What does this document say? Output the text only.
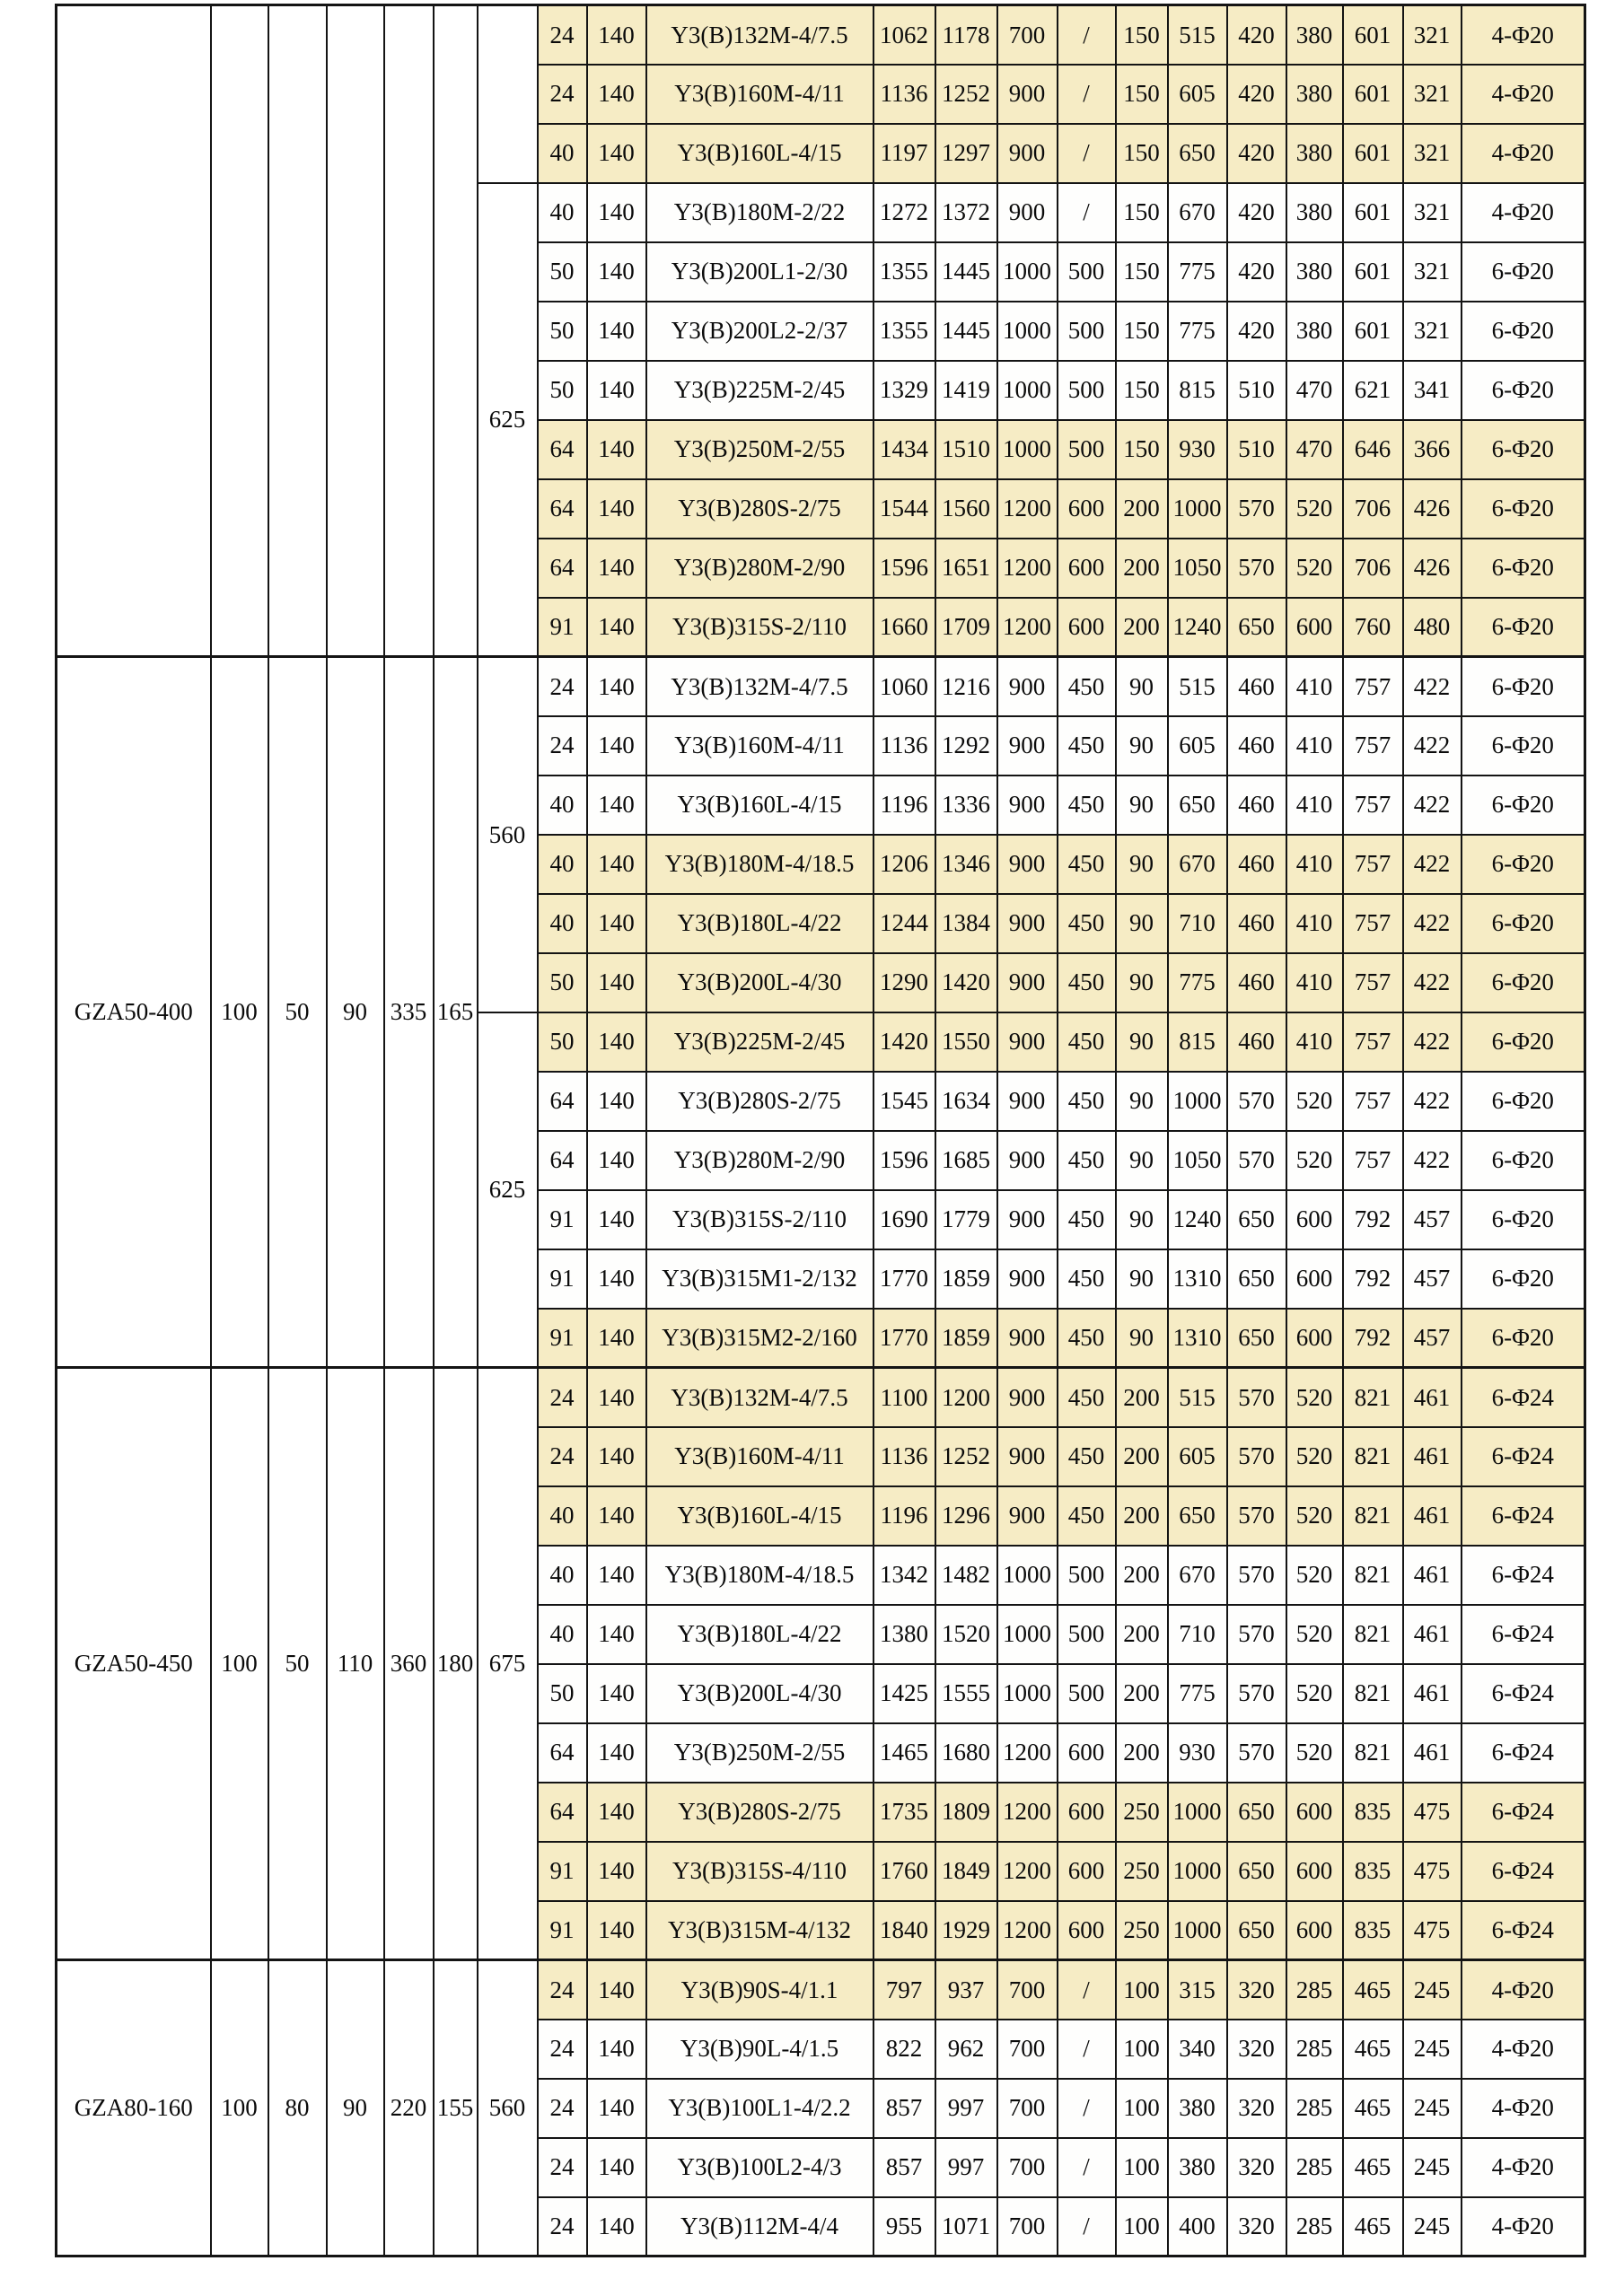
							24	140	Y3(B)132M-4/7.5	1062	1178	700	/	150	515	420	380	601	321	4-Φ20
							24	140	Y3(B)160M-4/11	1136	1252	900	/	150	605	420	380	601	321	4-Φ20
							40	140	Y3(B)160L-4/15	1197	1297	900	/	150	650	420	380	601	321	4-Φ20
						625	40	140	Y3(B)180M-2/22	1272	1372	900	/	150	670	420	380	601	321	4-Φ20
							50	140	Y3(B)200L1-2/30	1355	1445	1000	500	150	775	420	380	601	321	6-Φ20
							50	140	Y3(B)200L2-2/37	1355	1445	1000	500	150	775	420	380	601	321	6-Φ20
							50	140	Y3(B)225M-2/45	1329	1419	1000	500	150	815	510	470	621	341	6-Φ20
							64	140	Y3(B)250M-2/55	1434	1510	1000	500	150	930	510	470	646	366	6-Φ20
							64	140	Y3(B)280S-2/75	1544	1560	1200	600	200	1000	570	520	706	426	6-Φ20
							64	140	Y3(B)280M-2/90	1596	1651	1200	600	200	1050	570	520	706	426	6-Φ20
							91	140	Y3(B)315S-2/110	1660	1709	1200	600	200	1240	650	600	760	480	6-Φ20
GZA50-400	100	50	90	335	165	560	24	140	Y3(B)132M-4/7.5	1060	1216	900	450	90	515	460	410	757	422	6-Φ20
							24	140	Y3(B)160M-4/11	1136	1292	900	450	90	605	460	410	757	422	6-Φ20
							40	140	Y3(B)160L-4/15	1196	1336	900	450	90	650	460	410	757	422	6-Φ20
							40	140	Y3(B)180M-4/18.5	1206	1346	900	450	90	670	460	410	757	422	6-Φ20
							40	140	Y3(B)180L-4/22	1244	1384	900	450	90	710	460	410	757	422	6-Φ20
							50	140	Y3(B)200L-4/30	1290	1420	900	450	90	775	460	410	757	422	6-Φ20
						625	50	140	Y3(B)225M-2/45	1420	1550	900	450	90	815	460	410	757	422	6-Φ20
							64	140	Y3(B)280S-2/75	1545	1634	900	450	90	1000	570	520	757	422	6-Φ20
							64	140	Y3(B)280M-2/90	1596	1685	900	450	90	1050	570	520	757	422	6-Φ20
							91	140	Y3(B)315S-2/110	1690	1779	900	450	90	1240	650	600	792	457	6-Φ20
							91	140	Y3(B)315M1-2/132	1770	1859	900	450	90	1310	650	600	792	457	6-Φ20
							91	140	Y3(B)315M2-2/160	1770	1859	900	450	90	1310	650	600	792	457	6-Φ20
GZA50-450	100	50	110	360	180	675	24	140	Y3(B)132M-4/7.5	1100	1200	900	450	200	515	570	520	821	461	6-Φ24
							24	140	Y3(B)160M-4/11	1136	1252	900	450	200	605	570	520	821	461	6-Φ24
							40	140	Y3(B)160L-4/15	1196	1296	900	450	200	650	570	520	821	461	6-Φ24
							40	140	Y3(B)180M-4/18.5	1342	1482	1000	500	200	670	570	520	821	461	6-Φ24
							40	140	Y3(B)180L-4/22	1380	1520	1000	500	200	710	570	520	821	461	6-Φ24
							50	140	Y3(B)200L-4/30	1425	1555	1000	500	200	775	570	520	821	461	6-Φ24
							64	140	Y3(B)250M-2/55	1465	1680	1200	600	200	930	570	520	821	461	6-Φ24
							64	140	Y3(B)280S-2/75	1735	1809	1200	600	250	1000	650	600	835	475	6-Φ24
							91	140	Y3(B)315S-4/110	1760	1849	1200	600	250	1000	650	600	835	475	6-Φ24
							91	140	Y3(B)315M-4/132	1840	1929	1200	600	250	1000	650	600	835	475	6-Φ24
GZA80-160	100	80	90	220	155	560	24	140	Y3(B)90S-4/1.1	797	937	700	/	100	315	320	285	465	245	4-Φ20
							24	140	Y3(B)90L-4/1.5	822	962	700	/	100	340	320	285	465	245	4-Φ20
							24	140	Y3(B)100L1-4/2.2	857	997	700	/	100	380	320	285	465	245	4-Φ20
							24	140	Y3(B)100L2-4/3	857	997	700	/	100	380	320	285	465	245	4-Φ20
							24	140	Y3(B)112M-4/4	955	1071	700	/	100	400	320	285	465	245	4-Φ20
